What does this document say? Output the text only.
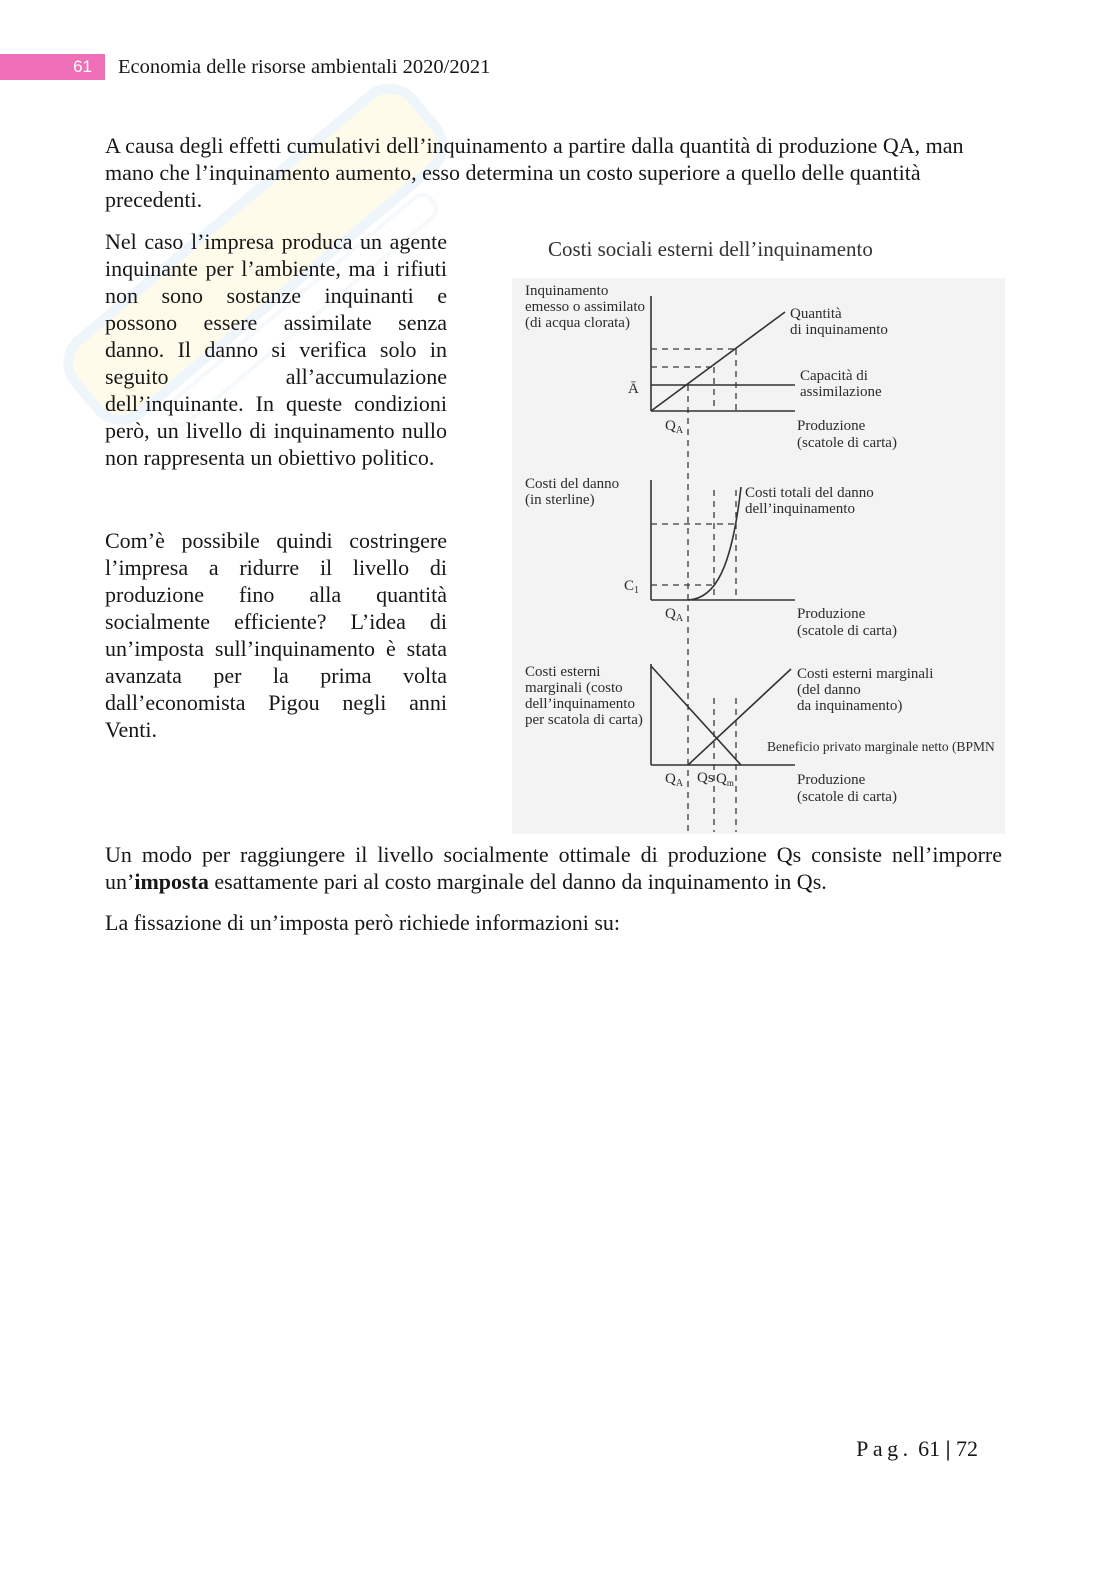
61 Economia delle risorse ambientali 2020/2021
A causa degli effetti cumulativi dell’inquinamento a partire dalla quantità di produzione QA, man
mano che l’inquinamento aumento, esso determina un costo superiore a quello delle quantità
precedenti.
Nel caso l’impresa produca un agente
inquinante per l’ambiente, ma i rifiuti
non sono sostanze inquinanti e
possono essere assimilate senza
danno. Il danno si verifica solo in
seguito all’accumulazione
dell’inquinante. In queste condizioni
però, un livello di inquinamento nullo
non rappresenta un obiettivo politico.
Com’è possibile quindi costringere
l’impresa a ridurre il livello di
produzione fino alla quantità
socialmente efficiente? L’idea di
un’imposta sull’inquinamento è stata
avanzata per la prima volta
dall’economista Pigou negli anni
Venti.
Costi sociali esterni dell’inquinamento
Inquinamento
emesso o assimilato
(di acqua clorata)
Quantità
di inquinamento
Capacità di
assimilazione
Ā
$Q_A$	Produzione
(scatole di carta)
Costi del danno
(in sterline)	Costi totali del danno
dell’inquinamento
$C_1$
$Q_A$	Produzione
(scatole di carta)
Costi esterni
marginali (costo
dell’inquinamento
per scatola di carta)
Costi esterni marginali
(del danno
da inquinamento)
Beneficio privato marginale netto (BPMN
$Q_A$ Qs $Q_m$	Produzione
(scatole di carta)
Un modo per raggiungere il livello socialmente ottimale di produzione Qs consiste nell’imporre
un’imposta esattamente pari al costo marginale del danno da inquinamento in Qs.
La fissazione di un’imposta però richiede informazioni su:
Pag. 61 | 72
